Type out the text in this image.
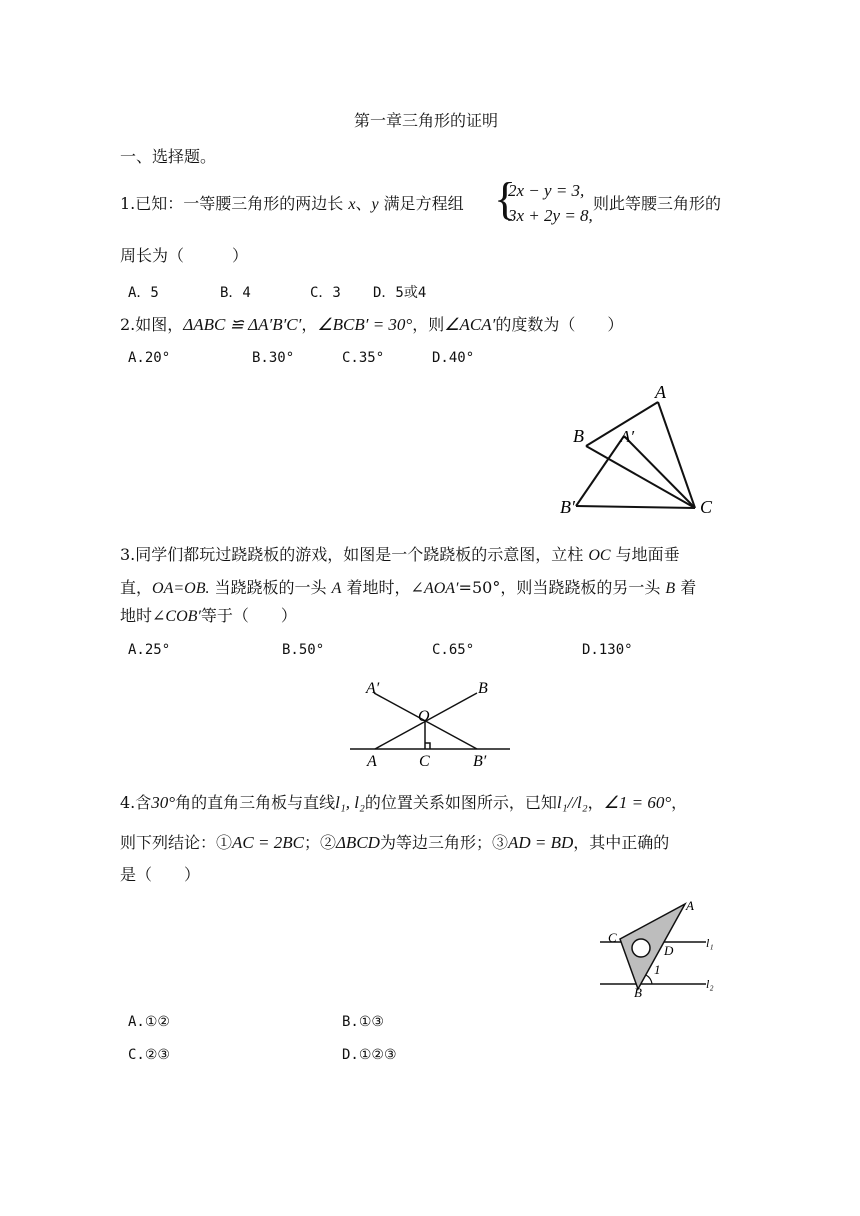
第一章三角形的证明
一、选择题。
1.已知：一等腰三角形的两边长 x、y 满足方程组 {
2x − y = 3,
3x + 2y = 8,
则此等腰三角形的
周长为（　　　）
A．5	B．4	C．3 D．5或4
2.如图，ΔABC ≌ ΔA′B′C′，∠BCB′ = 30°，则∠ACA′的度数为（　　）
A.20°	B.30°	C.35°	D.40°
A
B A′
B′	C
3.同学们都玩过跷跷板的游戏，如图是一个跷跷板的示意图，立柱 OC 与地面垂
直，OA=OB. 当跷跷板的一头 A 着地时，∠AOA′=50°，则当跷跷板的另一头 B 着
地时∠COB′等于（　　）
A.25°	B.50°	C.65°	D.130°
A′	B
O
A	C	B′
4.含30°角的直角三角板与直线l₁, l₂的位置关系如图所示，已知l₁//l₂，∠1 = 60°，
则下列结论：①AC = 2BC；②ΔBCD为等边三角形；③AD = BD，其中正确的
是（　　）
A
C
D	l₁
1
B
l₂
A.①②	B.①③
C.②③	D.①②③
